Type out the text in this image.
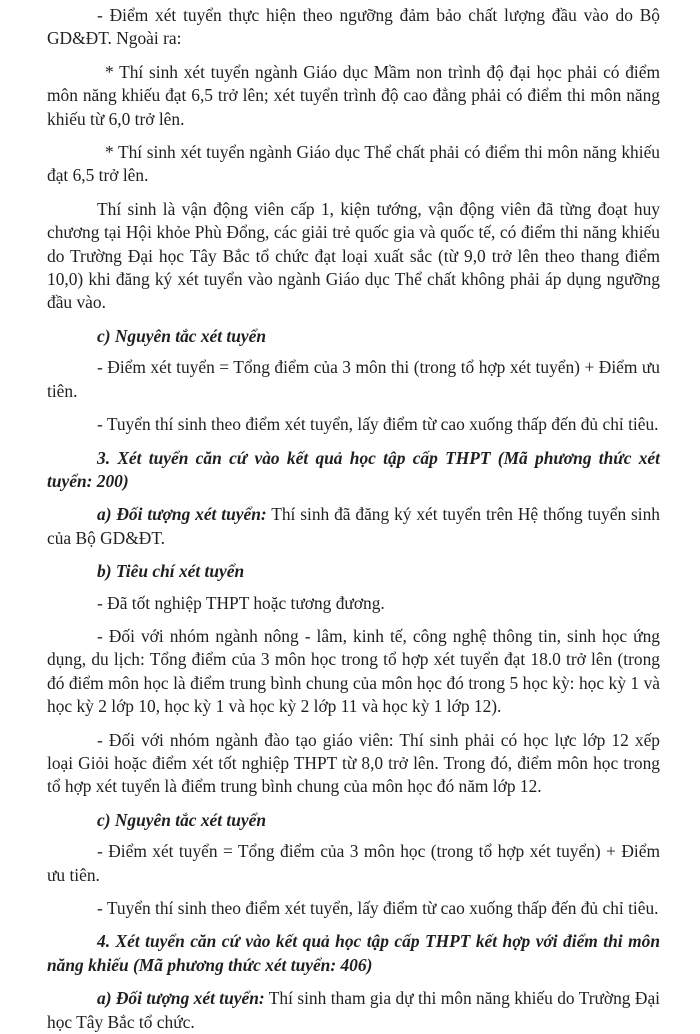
- Điểm xét tuyển thực hiện theo ngưỡng đảm bảo chất lượng đầu vào do Bộ GD&ĐT. Ngoài ra:

* Thí sinh xét tuyển ngành Giáo dục Mầm non trình độ đại học phải có điểm môn năng khiếu đạt 6,5 trở lên; xét tuyển trình độ cao đẳng phải có điểm thi môn năng khiếu từ 6,0 trở lên.

* Thí sinh xét tuyển ngành Giáo dục Thể chất phải có điểm thi môn năng khiếu đạt 6,5 trở lên.

Thí sinh là vận động viên cấp 1, kiện tướng, vận động viên đã từng đoạt huy chương tại Hội khỏe Phù Đổng, các giải trẻ quốc gia và quốc tế, có điểm thi năng khiếu do Trường Đại học Tây Bắc tổ chức đạt loại xuất sắc (từ 9,0 trở lên theo thang điểm 10,0) khi đăng ký xét tuyển vào ngành Giáo dục Thể chất không phải áp dụng ngưỡng đầu vào.

c) Nguyên tắc xét tuyển

- Điểm xét tuyển = Tổng điểm của 3 môn thi (trong tổ hợp xét tuyển) + Điểm ưu tiên.

- Tuyển thí sinh theo điểm xét tuyển, lấy điểm từ cao xuống thấp đến đủ chỉ tiêu.

3. Xét tuyển căn cứ vào kết quả học tập cấp THPT (Mã phương thức xét tuyển: 200)

a) Đối tượng xét tuyển: Thí sinh đã đăng ký xét tuyển trên Hệ thống tuyển sinh của Bộ GD&ĐT.

b) Tiêu chí xét tuyển

- Đã tốt nghiệp THPT hoặc tương đương.

- Đối với nhóm ngành nông - lâm, kinh tế, công nghệ thông tin, sinh học ứng dụng, du lịch: Tổng điểm của 3 môn học trong tổ hợp xét tuyển đạt 18.0 trở lên (trong đó điểm môn học là điểm trung bình chung của môn học đó trong 5 học kỳ: học kỳ 1 và học kỳ 2 lớp 10, học kỳ 1 và học kỳ 2 lớp 11 và học kỳ 1 lớp 12).

- Đối với nhóm ngành đào tạo giáo viên: Thí sinh phải có học lực lớp 12 xếp loại Giỏi hoặc điểm xét tốt nghiệp THPT từ 8,0 trở lên. Trong đó, điểm môn học trong tổ hợp xét tuyển là điểm trung bình chung của môn học đó năm lớp 12.

c) Nguyên tắc xét tuyển

- Điểm xét tuyển = Tổng điểm của 3 môn học (trong tổ hợp xét tuyển) + Điểm ưu tiên.

- Tuyển thí sinh theo điểm xét tuyển, lấy điểm từ cao xuống thấp đến đủ chỉ tiêu.

4. Xét tuyển căn cứ vào kết quả học tập cấp THPT kết hợp với điểm thi môn năng khiếu (Mã phương thức xét tuyển: 406)

a) Đối tượng xét tuyển: Thí sinh tham gia dự thi môn năng khiếu do Trường Đại học Tây Bắc tổ chức.
